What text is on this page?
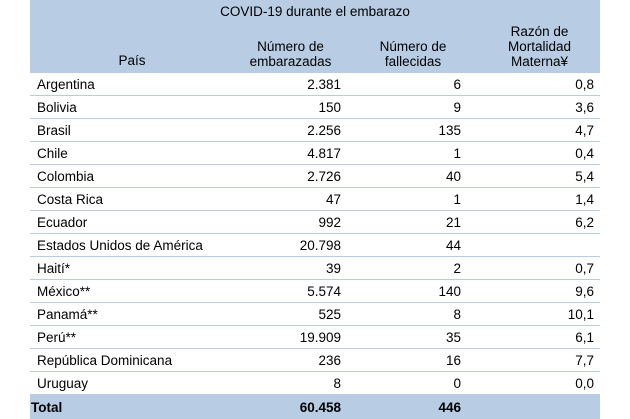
COVID-19 durante el embarazo			
País	
Número de
embarazadas

Número de
fallecidas

Razón de
Mortalidad
Materna¥

Argentina	2.381	6	0,8
Bolivia	150	9	3,6
Brasil	2.256	135	4,7
Chile	4.817	1	0,4
Colombia	2.726	40	5,4
Costa Rica	47	1	1,4
Ecuador	992	21	6,2
Estados Unidos de América	20.798	44	
Haití*	39	2	0,7
México**	5.574	140	9,6
Panamá**	525	8	10,1
Perú**	19.909	35	6,1
República Dominicana	236	16	7,7
Uruguay	8	0	0,0
Total	60.458	446	
